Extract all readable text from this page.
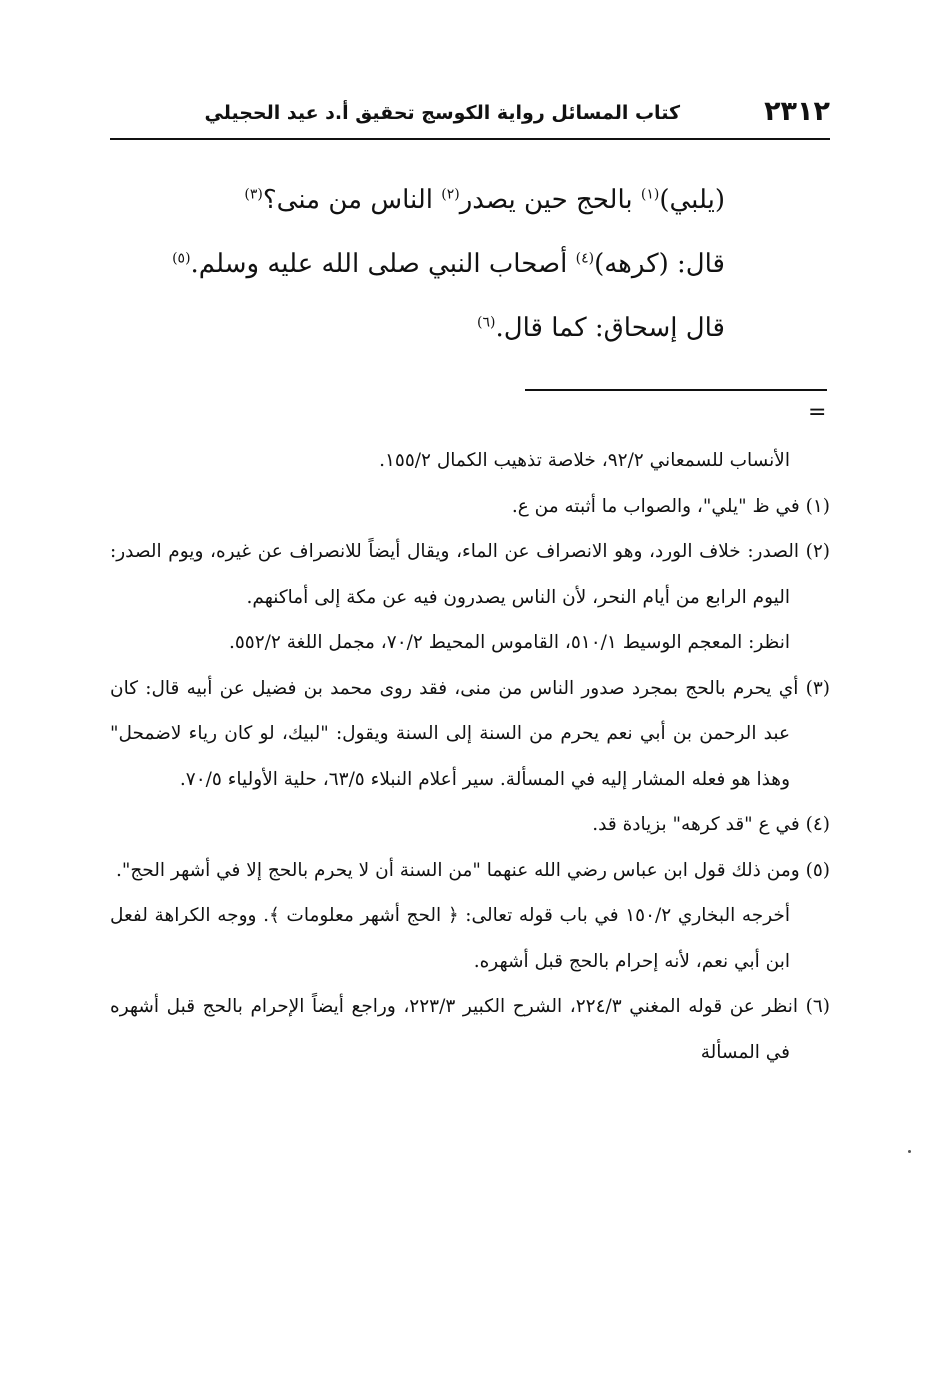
٢٣١٢
كتاب المسائل رواية الكوسج تحقيق أ.د عيد الحجيلي
(يلبي)$^{(١)}$ بالحج حين يصدر$^{(٢)}$ الناس من منى؟$^{(٣)}$
قال: (كرهه)$^{(٤)}$ أصحاب النبي صلى الله عليه وسلم.$^{(٥)}$
قال إسحاق: كما قال.$^{(٦)}$
=

الأنساب للسمعاني ٩٢/٢، خلاصة تذهيب الكمال ١٥٥/٢.

(١) في ظ "يلي"، والصواب ما أثبته من ع.

(٢) الصدر: خلاف الورد، وهو الانصراف عن الماء، ويقال أيضاً للانصراف عن غيره، ويوم الصدر: اليوم الرابع من أيام النحر، لأن الناس يصدرون فيه عن مكة إلى أماكنهم.

انظر: المعجم الوسيط ٥١٠/١، القاموس المحيط ٧٠/٢، مجمل اللغة ٥٥٢/٢.

(٣) أي يحرم بالحج بمجرد صدور الناس من منى، فقد روى محمد بن فضيل عن أبيه قال: كان عبد الرحمن بن أبي نعم يحرم من السنة إلى السنة ويقول: "لبيك، لو كان رياء لاضمحل" وهذا هو فعله المشار إليه في المسألة. سير أعلام النبلاء ٦٣/٥، حلية الأولياء ٧٠/٥.

(٤) في ع "قد كرهه" بزيادة قد.

(٥) ومن ذلك قول ابن عباس رضي الله عنهما "من السنة أن لا يحرم بالحج إلا في أشهر الحج".

أخرجه البخاري ١٥٠/٢ في باب قوله تعالى: ﴿ الحج أشهر معلومات ﴾. ووجه الكراهة لفعل ابن أبي نعم، لأنه إحرام بالحج قبل أشهره.

(٦) انظر عن قوله المغني ٢٢٤/٣، الشرح الكبير ٢٢٣/٣، وراجع أيضاً الإحرام بالحج قبل أشهره في المسألة
